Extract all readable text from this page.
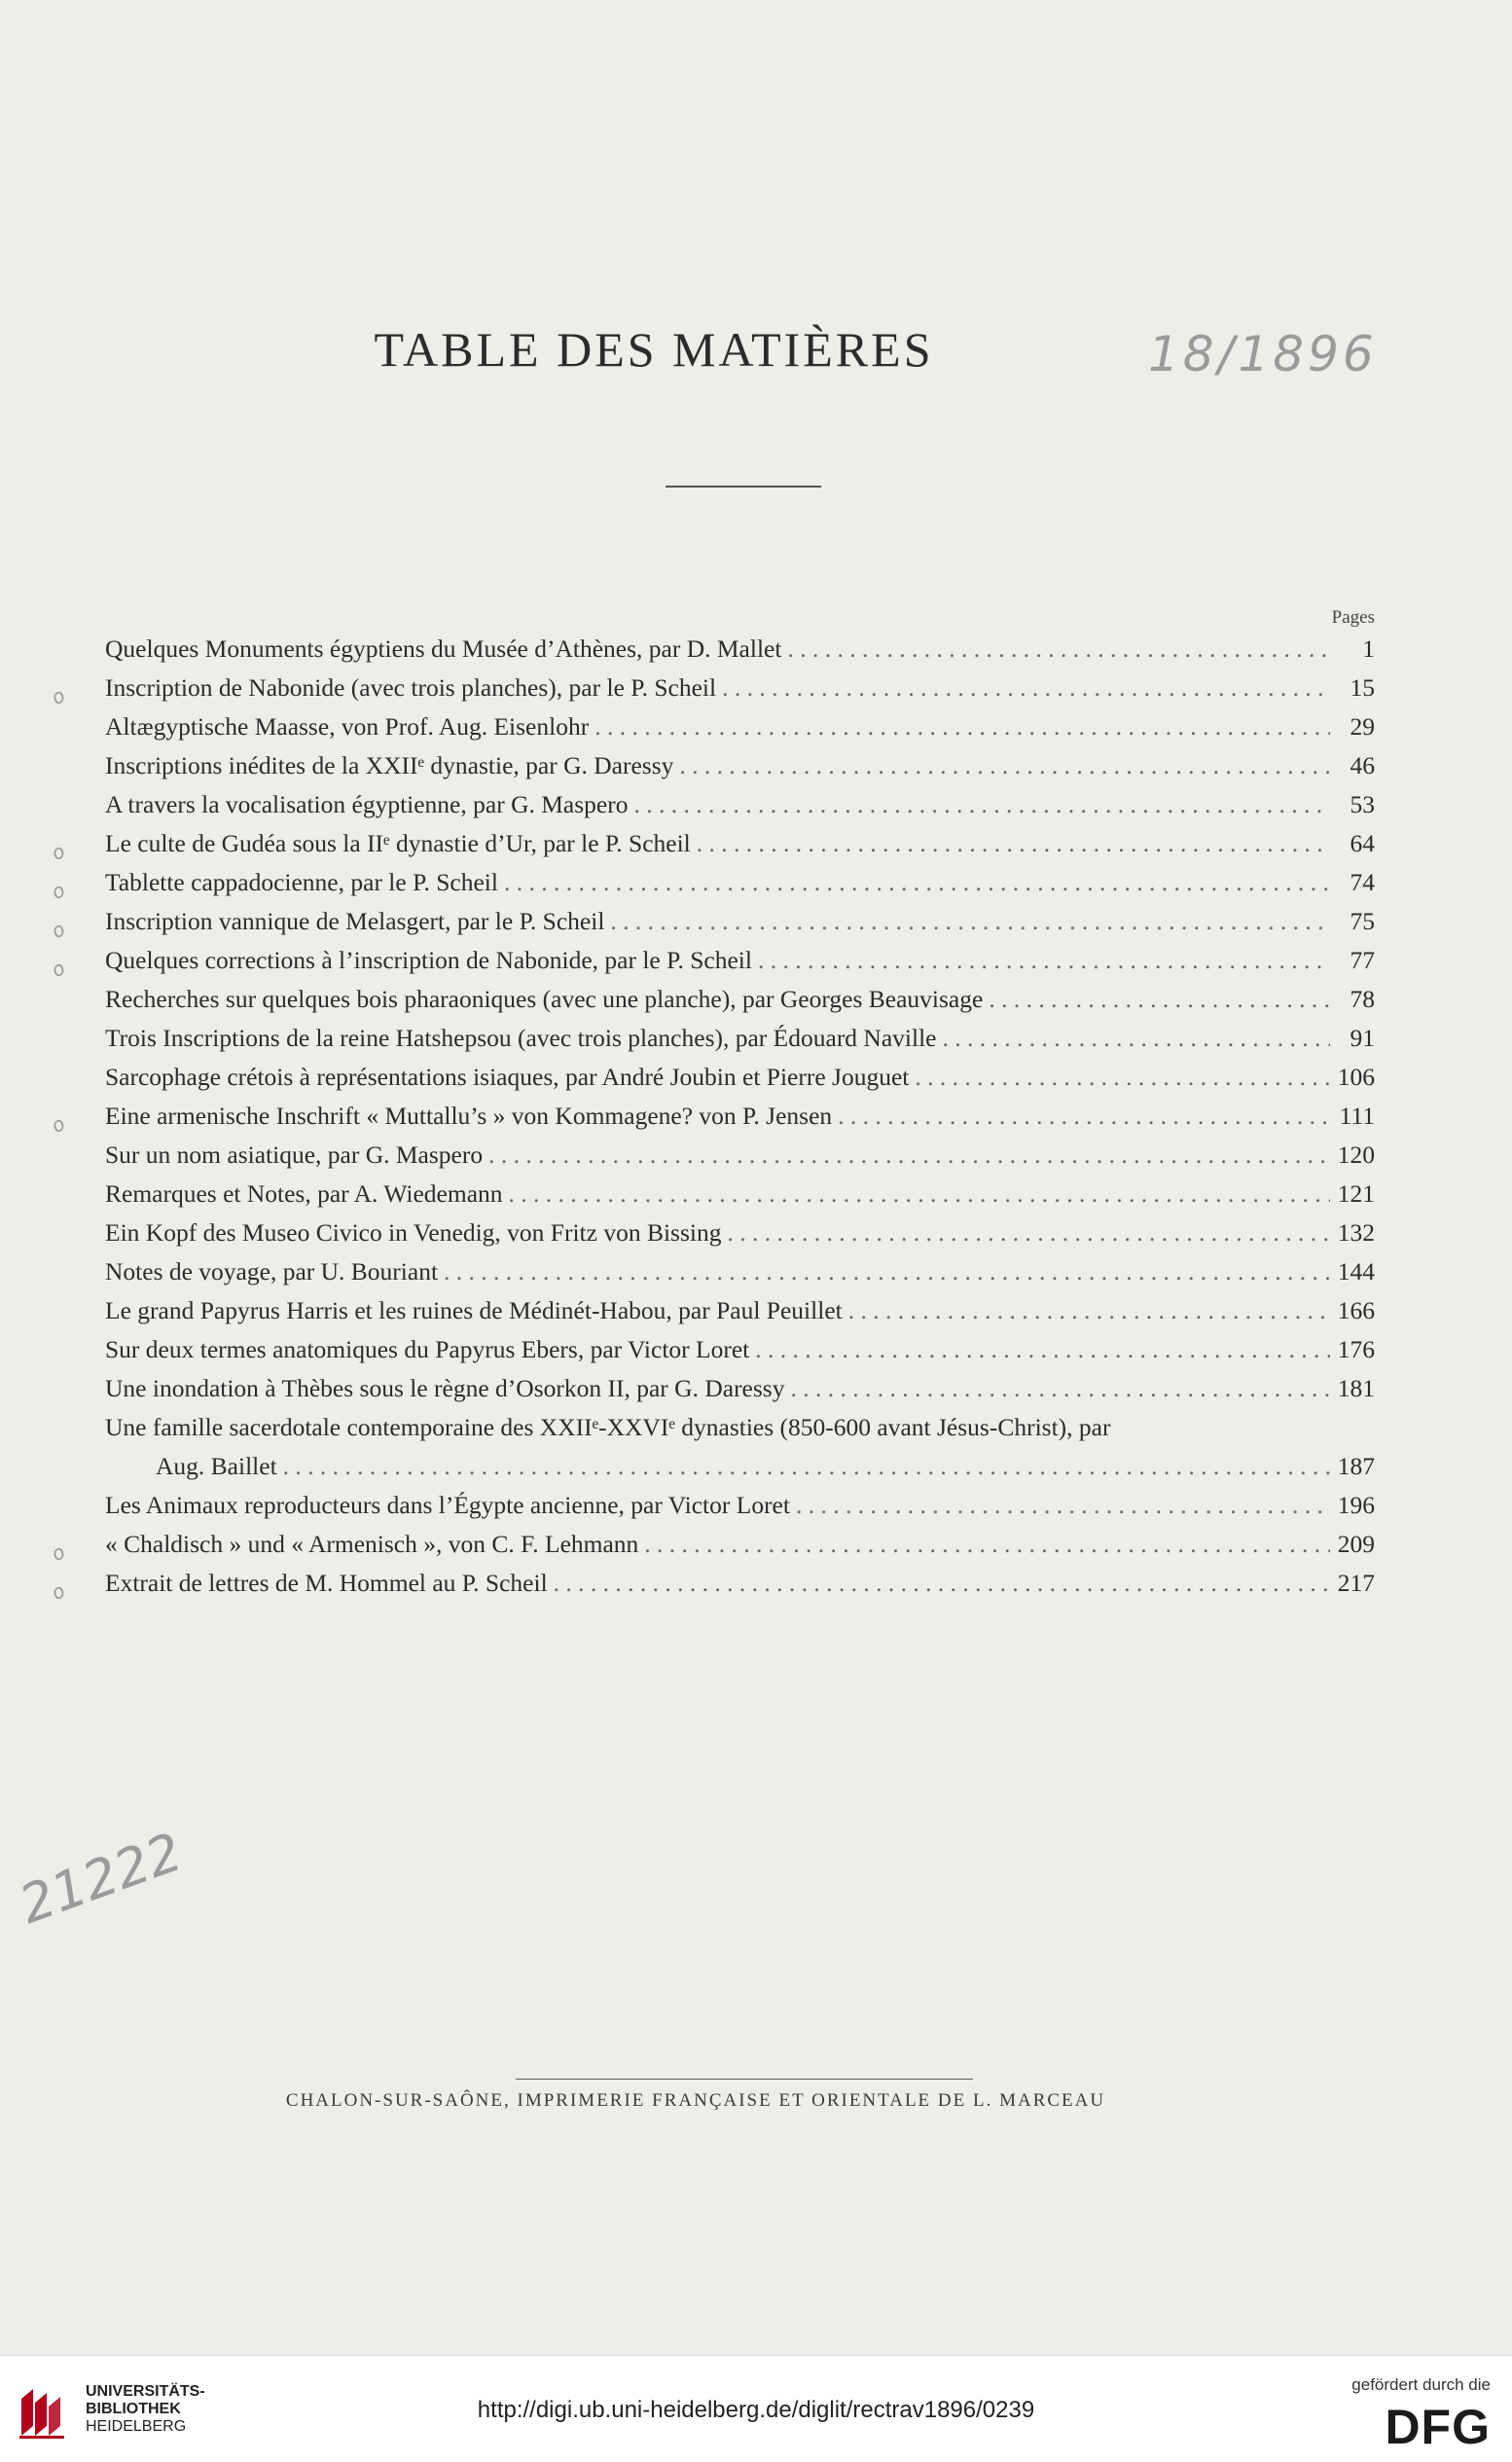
TABLE DES MATIÈRES	18/1896
Pages
Quelques Monuments égyptiens du Musée d’Athènes, par D. Mallet . . .	1
o Inscription de Nabonide (avec trois planches), par le P. Scheil . . .	15
Altægyptische Maasse, von Prof. Aug. Eisenlohr . . .	29
Inscriptions inédites de la XXIIᵉ dynastie, par G. Daressy . . .	46
A travers la vocalisation égyptienne, par G. Maspero . . .	53
o Le culte de Gudéa sous la IIᵉ dynastie d’Ur, par le P. Scheil . . .	64
o Tablette cappadocienne, par le P. Scheil . . .	74
o Inscription vannique de Melasgert, par le P. Scheil . . .	75
o Quelques corrections à l’inscription de Nabonide, par le P. Scheil . . .	77
Recherches sur quelques bois pharaoniques (avec une planche), par Georges Beauvisage . . .	78
Trois Inscriptions de la reine Hatshepsou (avec trois planches), par Édouard Naville . . .	91
Sarcophage crétois à représentations isiaques, par André Joubin et Pierre Jouguet . . .	106
o Eine armenische Inschrift « Muttallu’s » von Kommagene? von P. Jensen . . .	111
Sur un nom asiatique, par G. Maspero . . .	120
Remarques et Notes, par A. Wiedemann . . .	121
Ein Kopf des Museo Civico in Venedig, von Fritz von Bissing . . .	132
Notes de voyage, par U. Bouriant . . .	144
Le grand Papyrus Harris et les ruines de Médinét-Habou, par Paul Peuillet . . .	166
Sur deux termes anatomiques du Papyrus Ebers, par Victor Loret . . .	176
Une inondation à Thèbes sous le règne d’Osorkon II, par G. Daressy . . .	181
Une famille sacerdotale contemporaine des XXIIᵉ-XXVIᵉ dynasties (850-600 avant Jésus-Christ), par
Aug. Baillet . . .	187
Les Animaux reproducteurs dans l’Égypte ancienne, par Victor Loret . . .	196
o « Chaldisch » und « Armenisch », von C. F. Lehmann . . .	209
o Extrait de lettres de M. Hommel au P. Scheil . . .	217
21222
CHALON-SUR-SAÔNE, IMPRIMERIE FRANÇAISE ET ORIENTALE DE L. MARCEAU
UNIVERSITÄTS-
BIBLIOTHEK
HEIDELBERG
http://digi.ub.uni-heidelberg.de/diglit/rectrav1896/0239
gefördert durch die
DFG
